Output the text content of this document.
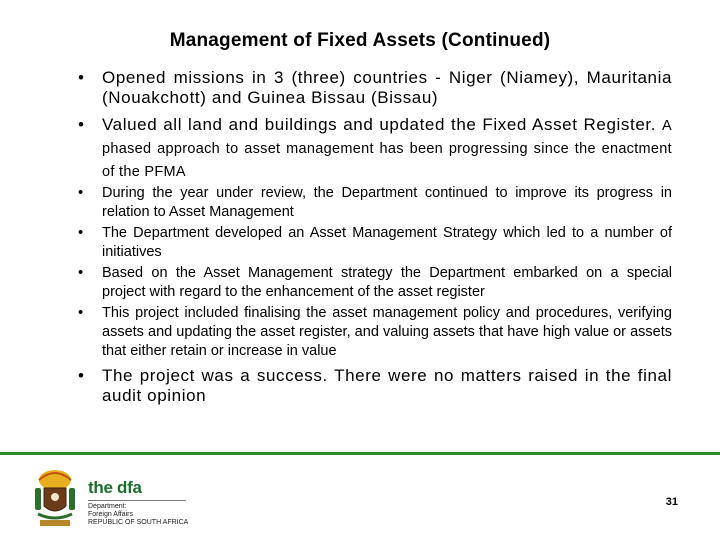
Management of Fixed Assets (Continued)
• Opened missions in 3 (three) countries - Niger (Niamey), Mauritania (Nouakchott) and Guinea Bissau (Bissau)
• Valued all land and buildings and updated the Fixed Asset Register. A phased approach to asset management has been progressing since the enactment of the PFMA
• During the year under review, the Department continued to improve its progress in relation to Asset Management
• The Department developed an Asset Management Strategy which led to a number of initiatives
• Based on the Asset Management strategy the Department embarked on a special project with regard to the enhancement of the asset register
• This project included finalising the asset management policy and procedures, verifying assets and updating the asset register, and valuing assets that have high value or assets that either retain or increase in value
• The project was a success. There were no matters raised in the final audit opinion
the dfa
Department:
Foreign Affairs
REPUBLIC OF SOUTH AFRICA
31
